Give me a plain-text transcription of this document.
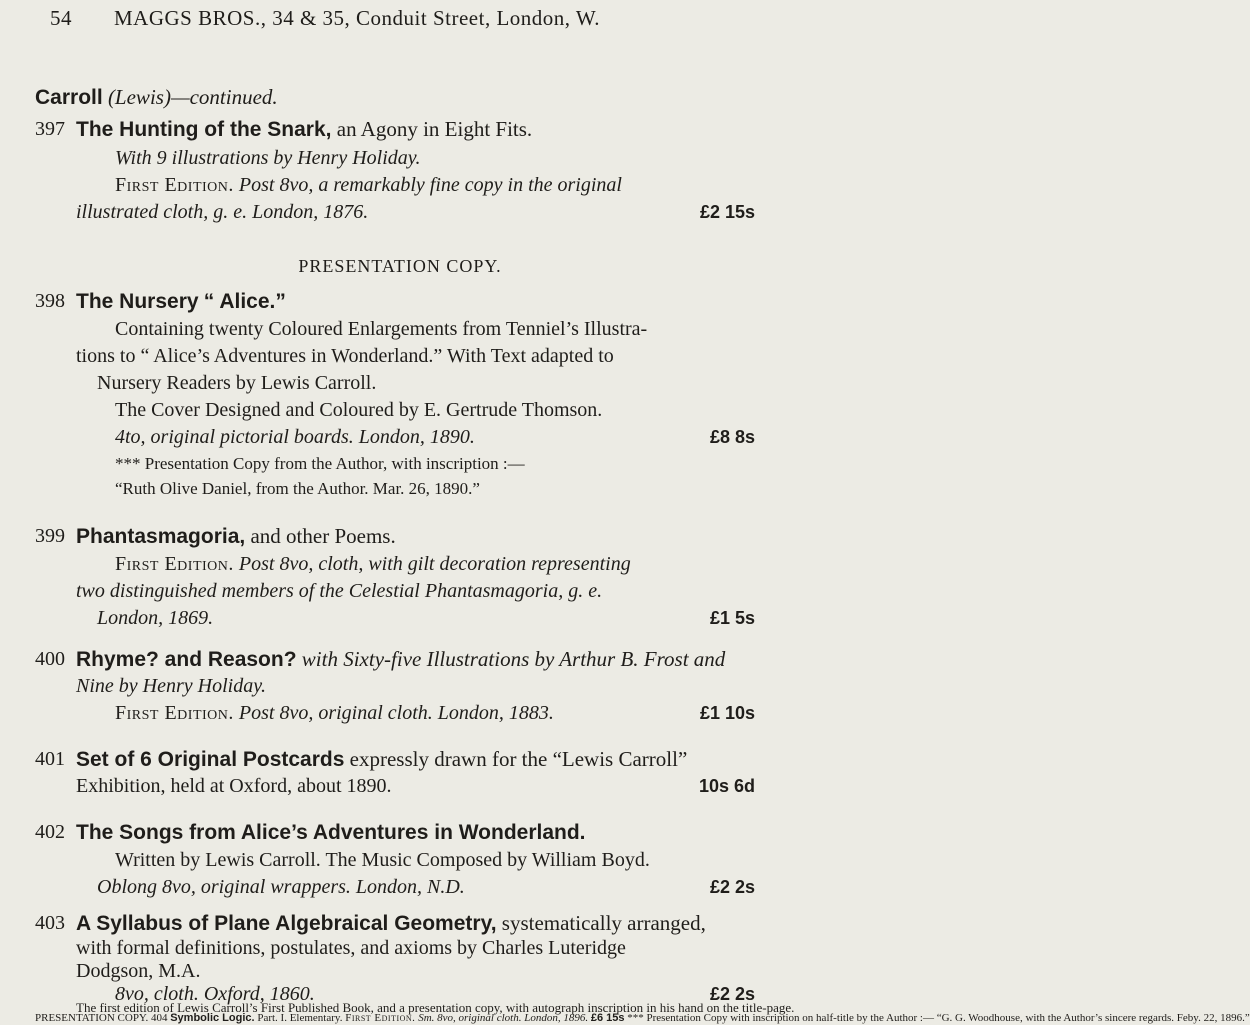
54 MAGGS BROS., 34 & 35, Conduit Street, London, W.
Carroll (Lewis)—continued.
397 The Hunting of the Snark, an Agony in Eight Fits.
With 9 illustrations by Henry Holiday.
First Edition. Post 8vo, a remarkably fine copy in the original
illustrated cloth, g. e. London, 1876.	£2 15s
PRESENTATION COPY.
398 The Nursery “ Alice.”
Containing twenty Coloured Enlargements from Tenniel’s Illustra-
tions to “ Alice’s Adventures in Wonderland.” With Text adapted to
Nursery Readers by Lewis Carroll.
The Cover Designed and Coloured by E. Gertrude Thomson.
4to, original pictorial boards. London, 1890.	£8 8s
*** Presentation Copy from the Author, with inscription :—
“Ruth Olive Daniel, from the Author. Mar. 26, 1890.”
399 Phantasmagoria, and other Poems.
First Edition. Post 8vo, cloth, with gilt decoration representing
two distinguished members of the Celestial Phantasmagoria, g. e.
London, 1869.	£1 5s
400 Rhyme? and Reason? with Sixty-five Illustrations by Arthur B. Frost and
Nine by Henry Holiday.
First Edition. Post 8vo, original cloth. London, 1883.	£1 10s
401 Set of 6 Original Postcards expressly drawn for the “Lewis Carroll”
Exhibition, held at Oxford, about 1890.	10s 6d
402 The Songs from Alice’s Adventures in Wonderland.
Written by Lewis Carroll. The Music Composed by William Boyd.
Oblong 8vo, original wrappers. London, N.D.	£2 2s
403 A Syllabus of Plane Algebraical Geometry, systematically arranged,
with formal definitions, postulates, and axioms by Charles Luteridge
Dodgson, M.A.
8vo, cloth. Oxford, 1860.	£2 2s
The first edition of Lewis Carroll’s First Published Book, and a presentation copy, with autograph inscription in his hand on the title-page.
PRESENTATION COPY. 404 Symbolic Logic. Part. I. Elementary. First Edition. Sm. 8vo, original cloth. London, 1896. £6 15s *** Presentation Copy with inscription on half-title by the Author :— “G. G. Woodhouse, with the Author’s sincere regards. Feby. 22, 1896.”
